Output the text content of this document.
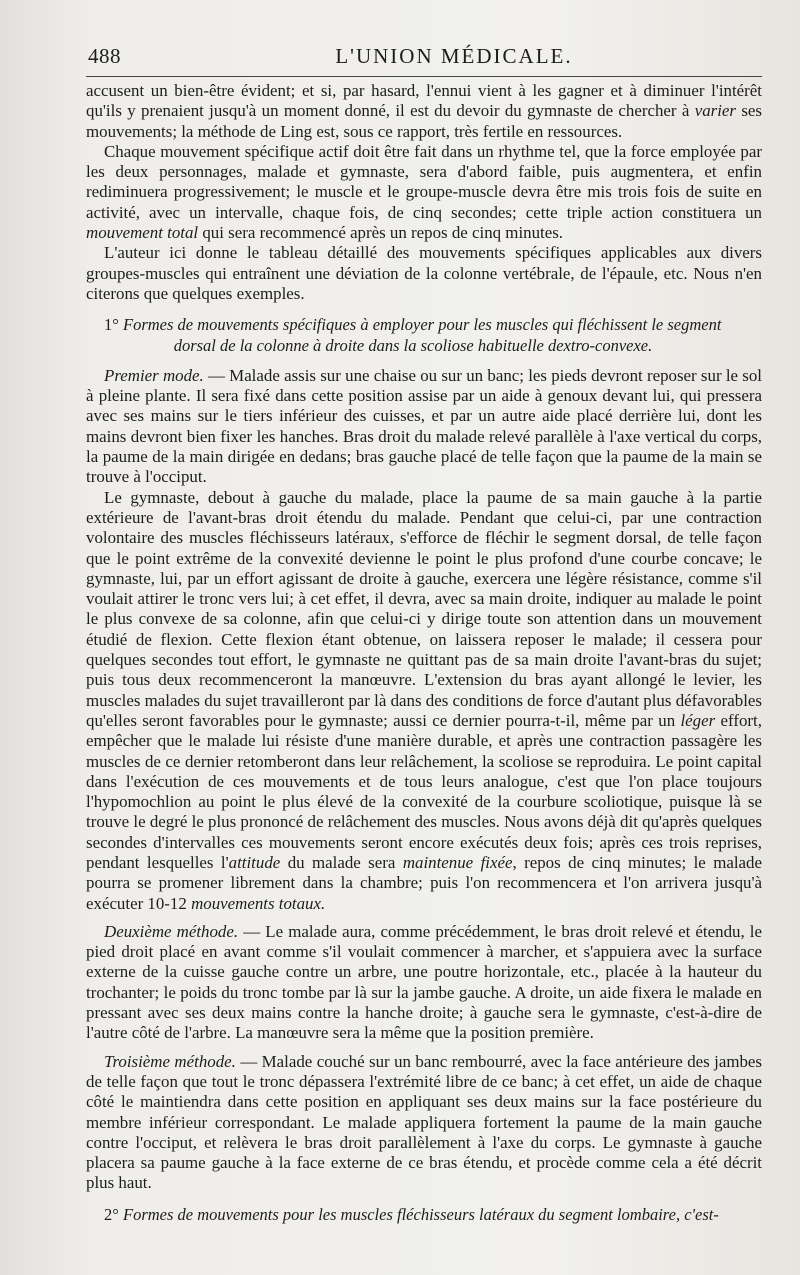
488	L'UNION MÉDICALE.

accusent un bien-être évident; et si, par hasard, l'ennui vient à les gagner et à diminuer l'intérêt qu'ils y prenaient jusqu'à un moment donné, il est du devoir du gymnaste de chercher à varier ses mouvements; la méthode de Ling est, sous ce rapport, très fertile en ressources.

Chaque mouvement spécifique actif doit être fait dans un rhythme tel, que la force employée par les deux personnages, malade et gymnaste, sera d'abord faible, puis augmentera, et enfin rediminuera progressivement; le muscle et le groupe-muscle devra être mis trois fois de suite en activité, avec un intervalle, chaque fois, de cinq secondes; cette triple action constituera un mouvement total qui sera recommencé après un repos de cinq minutes.

L'auteur ici donne le tableau détaillé des mouvements spécifiques applicables aux divers groupes-muscles qui entraînent une déviation de la colonne vertébrale, de l'épaule, etc. Nous n'en citerons que quelques exemples.

1° Formes de mouvements spécifiques à employer pour les muscles qui fléchissent le segment
dorsal de la colonne à droite dans la scoliose habituelle dextro-convexe.

Premier mode. — Malade assis sur une chaise ou sur un banc; les pieds devront reposer sur le sol à pleine plante. Il sera fixé dans cette position assise par un aide à genoux devant lui, qui pressera avec ses mains sur le tiers inférieur des cuisses, et par un autre aide placé derrière lui, dont les mains devront bien fixer les hanches. Bras droit du malade relevé parallèle à l'axe vertical du corps, la paume de la main dirigée en dedans; bras gauche placé de telle façon que la paume de la main se trouve à l'occiput.

Le gymnaste, debout à gauche du malade, place la paume de sa main gauche à la partie extérieure de l'avant-bras droit étendu du malade. Pendant que celui-ci, par une contraction volontaire des muscles fléchisseurs latéraux, s'efforce de fléchir le segment dorsal, de telle façon que le point extrême de la convexité devienne le point le plus profond d'une courbe concave; le gymnaste, lui, par un effort agissant de droite à gauche, exercera une légère résistance, comme s'il voulait attirer le tronc vers lui; à cet effet, il devra, avec sa main droite, indiquer au malade le point le plus convexe de sa colonne, afin que celui-ci y dirige toute son attention dans un mouvement étudié de flexion. Cette flexion étant obtenue, on laissera reposer le malade; il cessera pour quelques secondes tout effort, le gymnaste ne quittant pas de sa main droite l'avant-bras du sujet; puis tous deux recommenceront la manœuvre. L'extension du bras ayant allongé le levier, les muscles malades du sujet travailleront par là dans des conditions de force d'autant plus défavorables qu'elles seront favorables pour le gymnaste; aussi ce dernier pourra-t-il, même par un léger effort, empêcher que le malade lui résiste d'une manière durable, et après une contraction passagère les muscles de ce dernier retomberont dans leur relâchement, la scoliose se reproduira. Le point capital dans l'exécution de ces mouvements et de tous leurs analogue, c'est que l'on place toujours l'hypomochlion au point le plus élevé de la convexité de la courbure scoliotique, puisque là se trouve le degré le plus prononcé de relâchement des muscles. Nous avons déjà dit qu'après quelques secondes d'intervalles ces mouvements seront encore exécutés deux fois; après ces trois reprises, pendant lesquelles l'attitude du malade sera maintenue fixée, repos de cinq minutes; le malade pourra se promener librement dans la chambre; puis l'on recommencera et l'on arrivera jusqu'à exécuter 10-12 mouvements totaux.

Deuxième méthode. — Le malade aura, comme précédemment, le bras droit relevé et étendu, le pied droit placé en avant comme s'il voulait commencer à marcher, et s'appuiera avec la surface externe de la cuisse gauche contre un arbre, une poutre horizontale, etc., placée à la hauteur du trochanter; le poids du tronc tombe par là sur la jambe gauche. A droite, un aide fixera le malade en pressant avec ses deux mains contre la hanche droite; à gauche sera le gymnaste, c'est-à-dire de l'autre côté de l'arbre. La manœuvre sera la même que la position première.

Troisième méthode. — Malade couché sur un banc rembourré, avec la face antérieure des jambes de telle façon que tout le tronc dépassera l'extrémité libre de ce banc; à cet effet, un aide de chaque côté le maintiendra dans cette position en appliquant ses deux mains sur la face postérieure du membre inférieur correspondant. Le malade appliquera fortement la paume de la main gauche contre l'occiput, et relèvera le bras droit parallèlement à l'axe du corps. Le gymnaste à gauche placera sa paume gauche à la face externe de ce bras étendu, et procède comme cela a été décrit plus haut.

2° Formes de mouvements pour les muscles fléchisseurs latéraux du segment lombaire, c'est-
